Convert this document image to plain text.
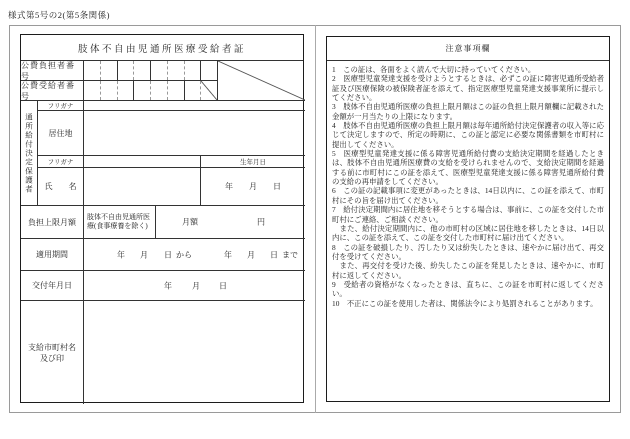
様式第5号の2(第5条関係)
肢体不自由児通所医療受給者証
公費負担者番号
公費受給者番号
通所給付決定保護者
フリガナ
居住地
フリガナ	生年月日
氏　　名	年 月 日
負担上限月額
肢体不自由児通所医
療(食事療養を除く)	月額	円
適用期間	年 月 日 から	年 月 日 まで
交付年月日	年	月 日
支給市町村名
及び印
注意事項欄
1　この証は、各面をよく読んで大切に持っていてください。
2　医療型児童発達支援を受けようとするときは、必ずこの証に障害児通所受給者証及び医療保険の被保険者証を添えて、指定医療型児童発達支援事業所に提示してください。
3　肢体不自由児通所医療の負担上限月額はこの証の負担上限月額欄に記載された金額が一月当たりの上限になります。
4　肢体不自由児通所医療の負担上限月額は毎年通所給付決定保護者の収入等に応じて決定しますので、所定の時期に、この証と認定に必要な関係書類を市町村に提出してください。
5　医療型児童発達支援に係る障害児通所給付費の支給決定期間を経過したときは、肢体不自由児通所医療費の支給を受けられませんので、支給決定期間を経過する前に市町村にこの証を添えて、医療型児童発達支援に係る障害児通所給付費の支給の再申請をしてください。
6　この証の記載事項に変更があったときは、14日以内に、この証を添えて、市町村にその旨を届け出てください。
7　給付決定期間内に居住地を移そうとする場合は、事前に、この証を交付した市町村にご連絡、ご相談ください。
　また、給付決定期間内に、他の市町村の区域に居住地を移したときは、14日以内に、この証を添えて、この証を交付した市町村に届け出てください。
8　この証を破損したり、汚したり又は紛失したときは、速やかに届け出て、再交付を受けてください。
　また、再交付を受けた後、紛失したこの証を発見したときは、速やかに、市町村に返してください。
9　受給者の資格がなくなったときは、直ちに、この証を市町村に返してください。
10　不正にこの証を使用した者は、関係法令により処罰されることがあります。
